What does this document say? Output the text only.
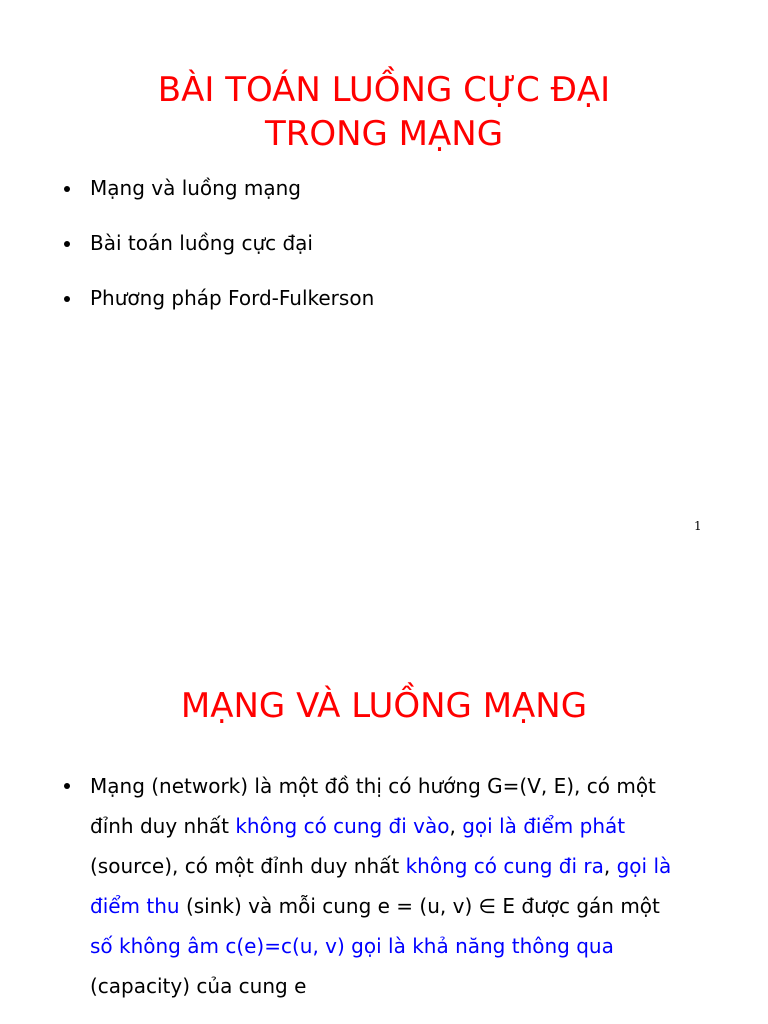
BÀI TOÁN LUỒNG CỰC ĐẠI
TRONG MẠNG
Mạng và luồng mạng
Bài toán luồng cực đại
Phương pháp Ford-Fulkerson
1
MẠNG VÀ LUỒNG MẠNG
Mạng (network) là một đồ thị có hướng G=(V, E), có một
đỉnh duy nhất không có cung đi vào, gọi là điểm phát
(source), có một đỉnh duy nhất không có cung đi ra, gọi là
điểm thu (sink) và mỗi cung e = (u, v) ∈ E được gán một
số không âm c(e)=c(u, v) gọi là khả năng thông qua
(capacity) của cung e
